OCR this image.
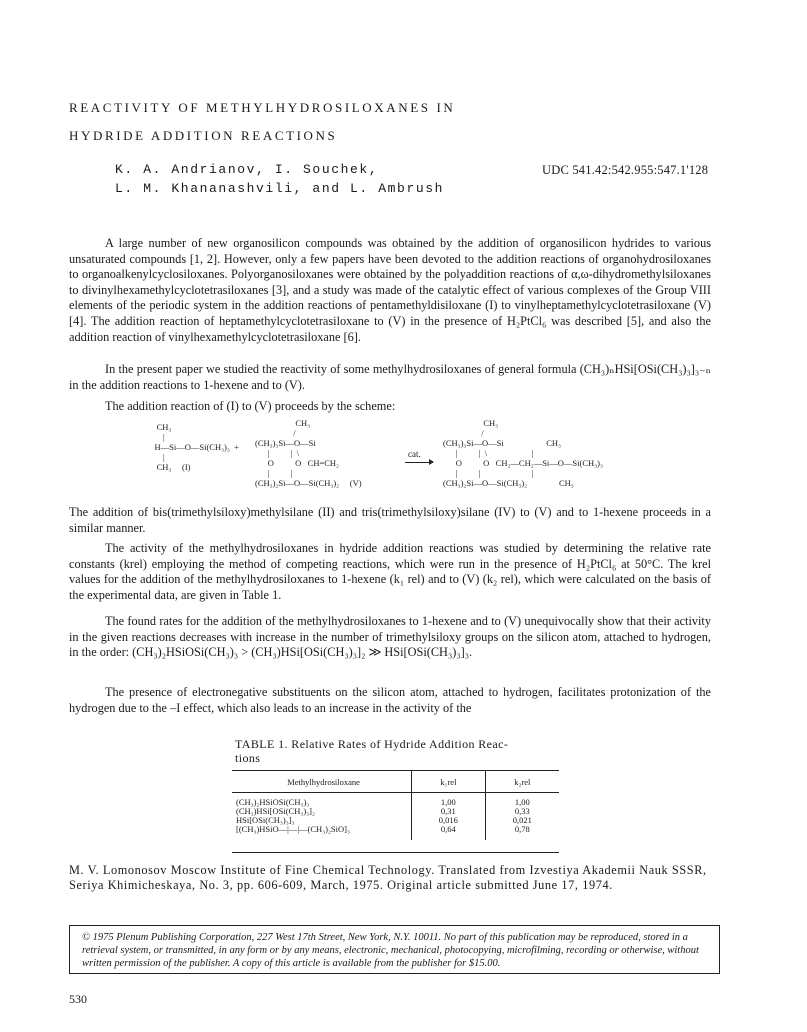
REACTIVITY OF METHYLHYDROSILOXANES IN
HYDRIDE ADDITION REACTIONS
K. A. Andrianov, I. Souchek,
L. M. Khananashvili, and L. Ambrush
UDC 541.42:542.955:547.1'128

A large number of new organosilicon compounds was obtained by the addition of organosilicon hydrides to various unsaturated compounds [1, 2]. However, only a few papers have been devoted to the addition reactions of organohydrosiloxanes to organoalkenylcyclosiloxanes. Polyorganosiloxanes were obtained by the polyaddition reactions of α,ω-dihydromethylsiloxanes to divinylhexamethylcyclotetrasiloxanes [3], and a study was made of the catalytic effect of various complexes of the Group VIII elements of the periodic system in the addition reactions of pentamethyldisiloxane (I) to vinylheptamethylcyclotetrasiloxane (V) [4]. The addition reaction of heptamethylcyclotetrasiloxane to (V) in the presence of H₂PtCl₆ was described [5], and also the addition reaction of vinylhexamethylcyclotetrasiloxane [6].

In the present paper we studied the reactivity of some methylhydrosiloxanes of general formula (CH₃)ₙHSi[OSi(CH₃)₃]₃₋ₙ in the addition reactions to 1-hexene and to (V).

The addition reaction of (I) to (V) proceeds by the scheme:

CH₃
|
H—Si—O—Si(CH₃)₃  +
|
CH₃     (I)
CH₃
/
(CH₃)₃Si—O—Si
|          |  \
O          O   CH=CH₂
|          |
(CH₃)₂Si—O—Si(CH₃)₂     (V)
cat.
CH₃
/
(CH₃)₃Si—O—Si                    CH₃
|          |  \                     |
O          O   CH₂—CH₂—Si—O—Si(CH₃)₃
|          |                        |
(CH₃)₂Si—O—Si(CH₃)₂               CH₃

The addition of bis(trimethylsiloxy)methylsilane (II) and tris(trimethylsiloxy)silane (IV) to (V) and to 1-hexene proceeds in a similar manner.

The activity of the methylhydrosiloxanes in hydride addition reactions was studied by determining the relative rate constants (krel) employing the method of competing reactions, which were run in the presence of H₂PtCl₆ at 50°C. The krel values for the addition of the methylhydrosiloxanes to 1-hexene (k₁ rel) and to (V) (k₂ rel), which were calculated on the basis of the experimental data, are given in Table 1.

The found rates for the addition of the methylhydrosiloxanes to 1-hexene and to (V) unequivocally show that their activity in the given reactions decreases with increase in the number of trimethylsiloxy groups on the silicon atom, attached to hydrogen, in the order: (CH₃)₂HSiOSi(CH₃)₃ > (CH₃)HSi[OSi(CH₃)₃]₂ ≫ HSi[OSi(CH₃)₃]₃.

The presence of electronegative substituents on the silicon atom, attached to hydrogen, facilitates protonization of the hydrogen due to the –I effect, which also leads to an increase in the activity of the

TABLE 1. Relative Rates of Hydride Addition Reac-
tions
Methylhydrosiloxane	k₁rel	k₂rel
(CH₃)₂HSiOSi(CH₃)₃	1,00	1,00
(CH₃)HSi[OSi(CH₃)₃]₂	0,31	0,33
HSi[OSi(CH₃)₃]₃	0,016	0,021
[(CH₃)HSiO—|—|—(CH₃)₂SiO]₃	0,64	0,78
M. V. Lomonosov Moscow Institute of Fine Chemical Technology. Translated from Izvestiya Akademii Nauk SSSR, Seriya Khimicheskaya, No. 3, pp. 606-609, March, 1975. Original article submitted June 17, 1974.
© 1975 Plenum Publishing Corporation, 227 West 17th Street, New York, N.Y. 10011. No part of this publication may be reproduced, stored in a retrieval system, or transmitted, in any form or by any means, electronic, mechanical, photocopying, microfilming, recording or otherwise, without written permission of the publisher. A copy of this article is available from the publisher for $15.00.
530
